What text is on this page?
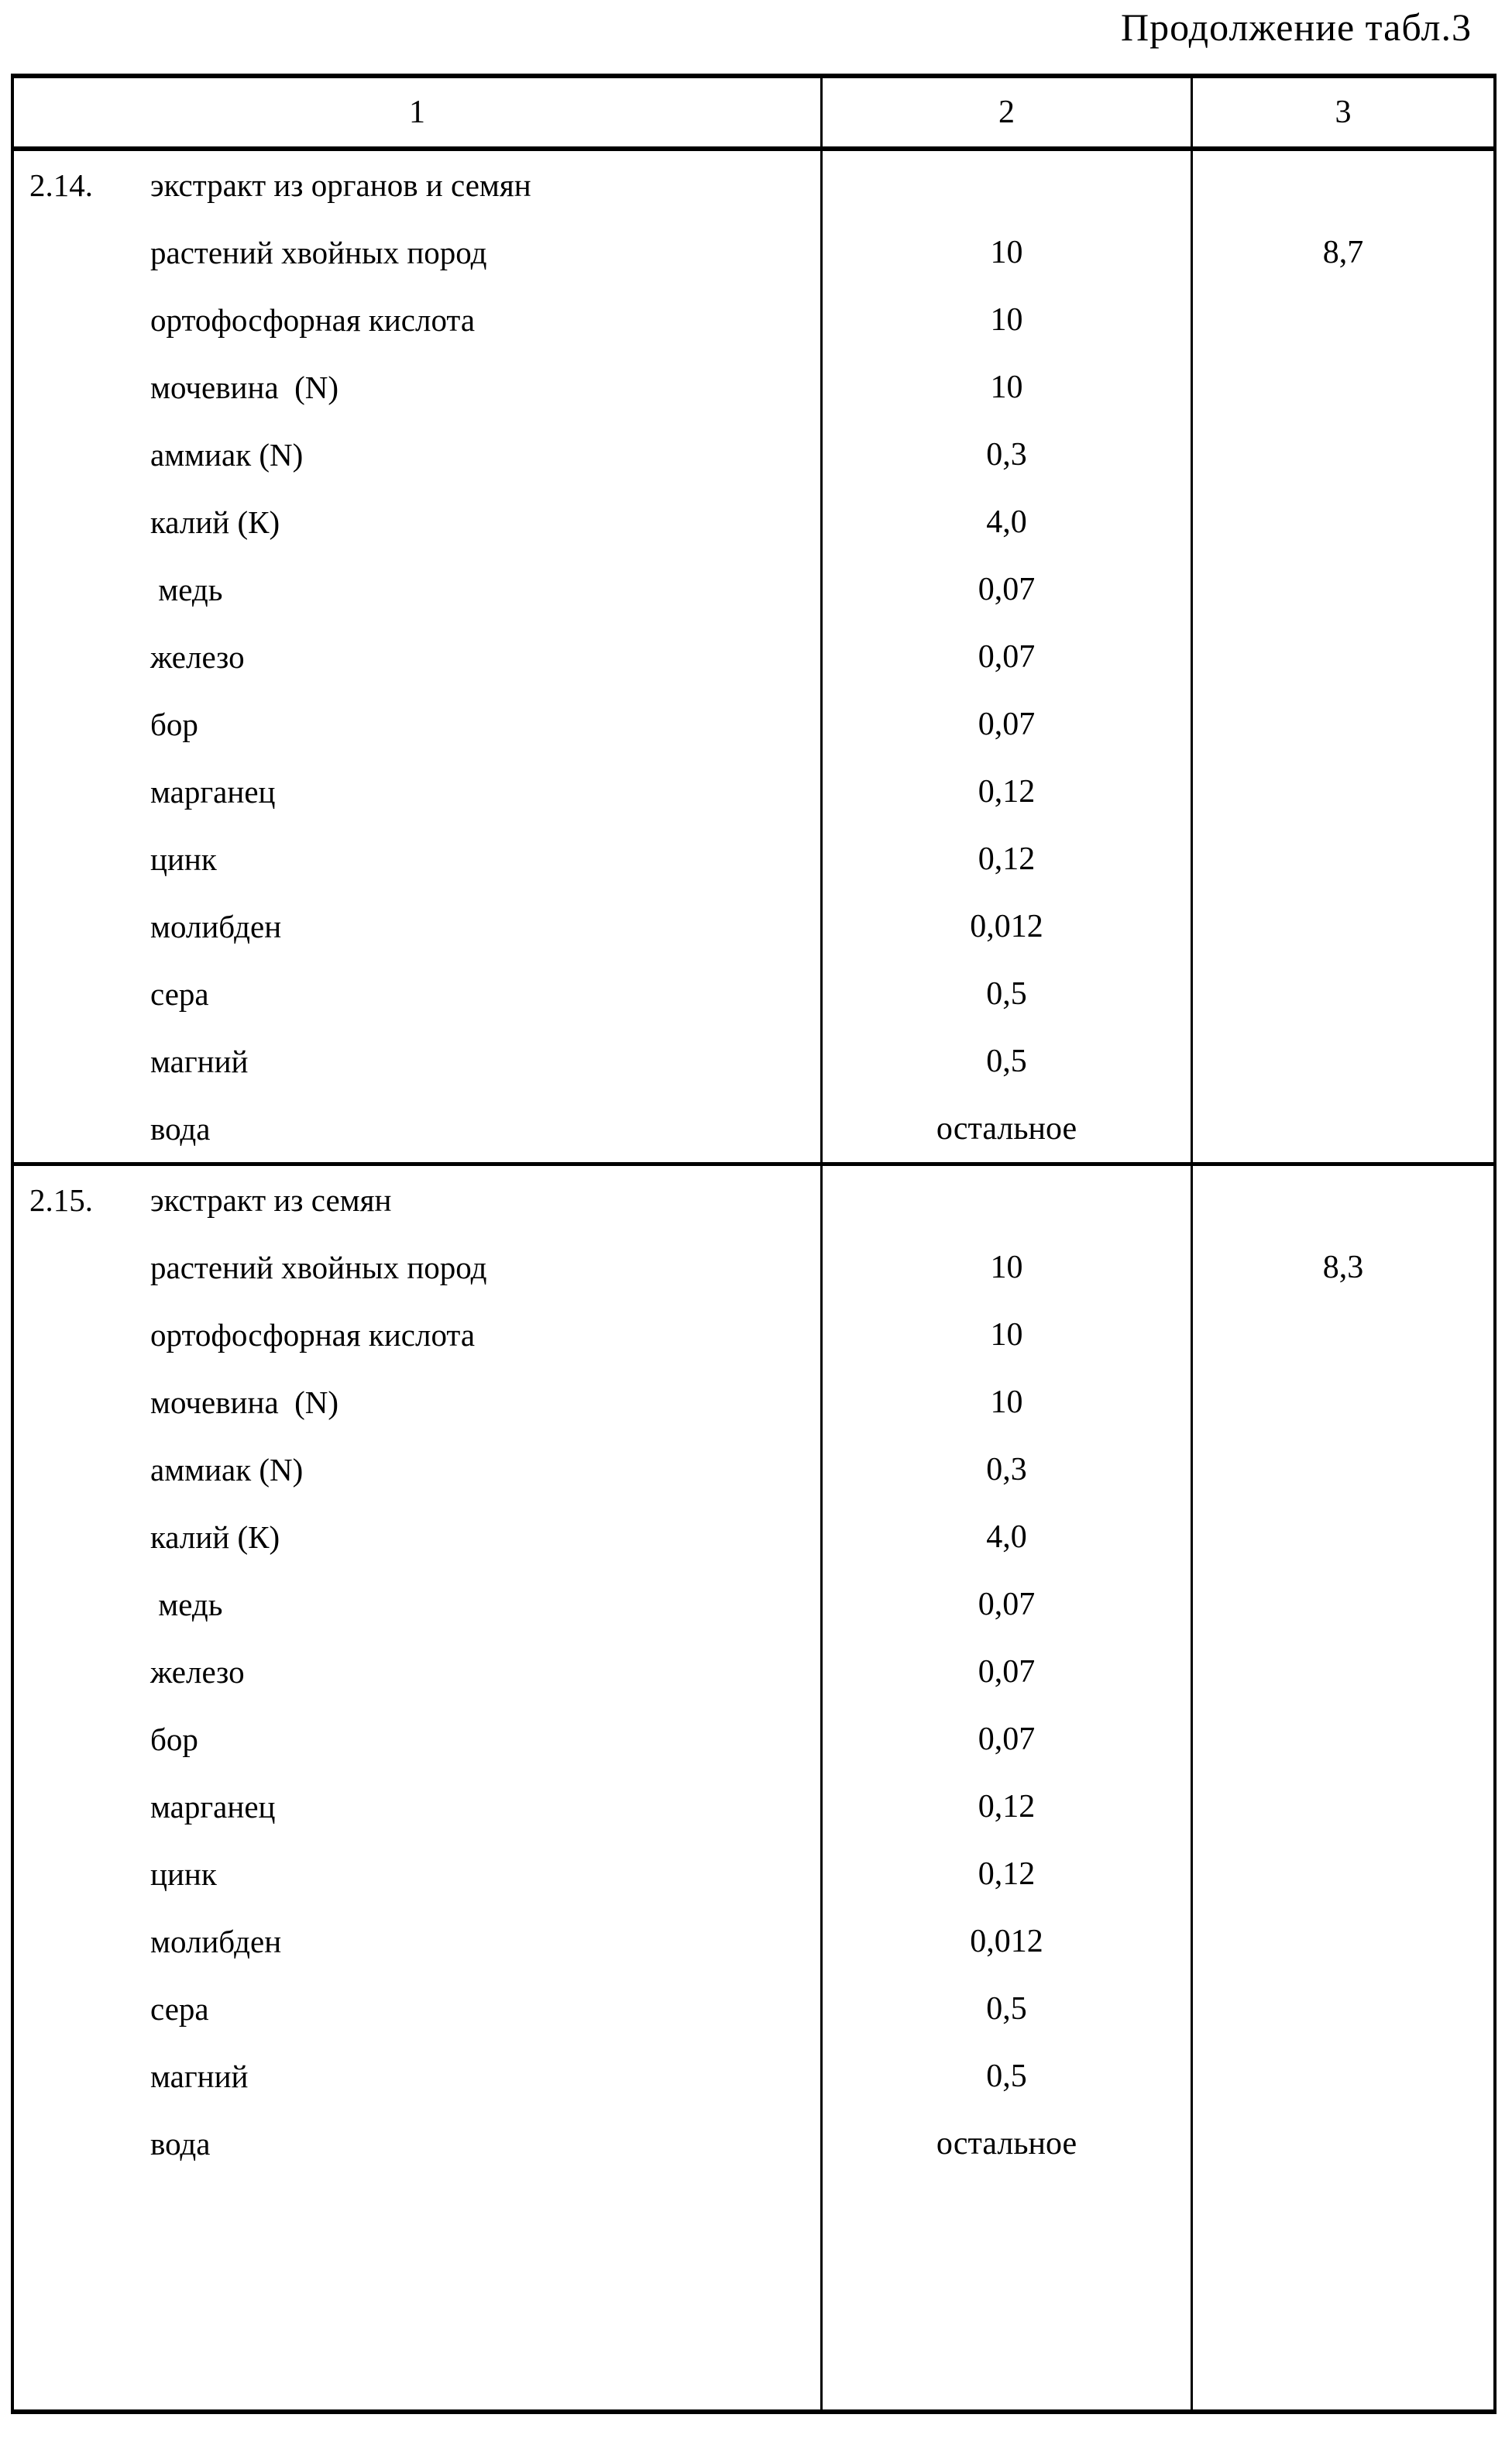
Продолжение табл.3
1	2	3
2.14. экстракт из органов и семян
растений хвойных пород	10	8,7
ортофосфорная кислота	10
мочевина  (N)	10
аммиак (N)	0,3
калий (К)	4,0
медь	0,07
железо	0,07
бор	0,07
марганец	0,12
цинк	0,12
молибден	0,012
сера	0,5
магний	0,5
вода	остальное
2.15. экстракт из семян
растений хвойных пород	10	8,3
ортофосфорная кислота	10
мочевина  (N)	10
аммиак (N)	0,3
калий (К)	4,0
медь	0,07
железо	0,07
бор	0,07
марганец	0,12
цинк	0,12
молибден	0,012
сера	0,5
магний	0,5
вода	остальное
